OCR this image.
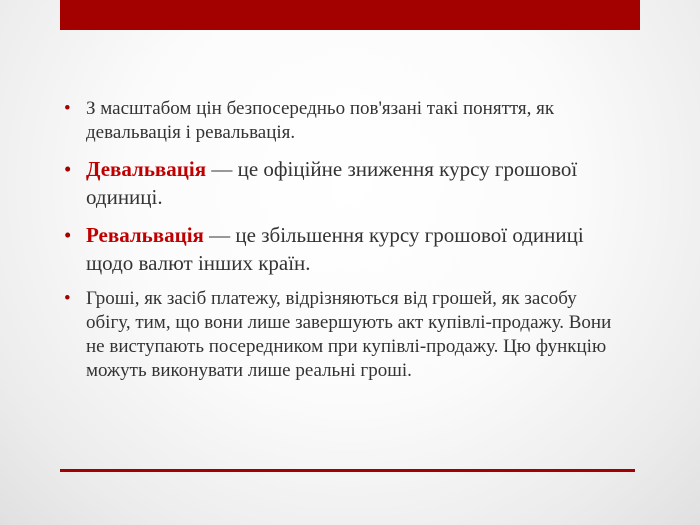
• З масштабом цін безпосередньо пов'язані такі поняття, як девальвація і ревальвація.
• Девальвація — це офіційне зниження курсу грошової одиниці.
• Ревальвація — це збільшення курсу грошової одиниці щодо валют інших країн.
• Гроші, як засіб платежу, відрізняються від грошей, як засобу обігу, тим, що вони лише завершують акт купівлі-продажу. Вони не виступають посередником при купівлі-продажу. Цю функцію можуть виконувати лише реальні гроші.
